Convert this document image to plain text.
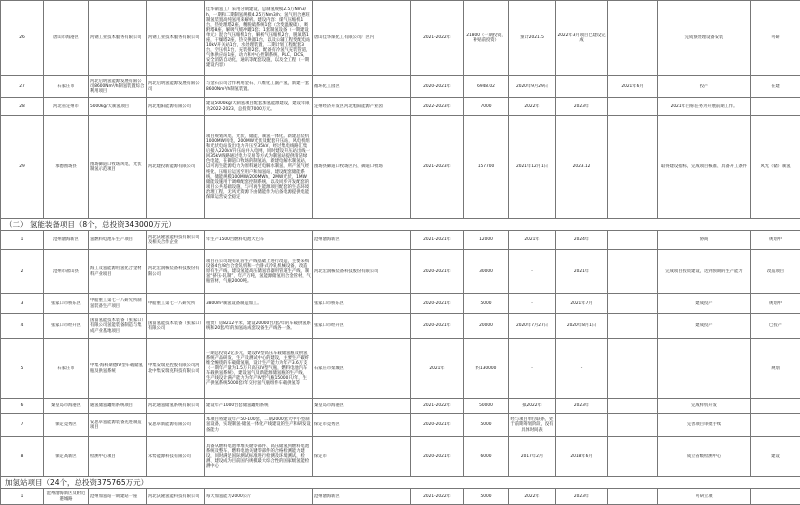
26	唐山市海港区	河钢工业技术服务有限公司	河钢工业技术服务有限公司	佳华制氢工厂采用分期建设，总制氢规模2.5万Nm3/h，一期和二期制氢规模4.25万Nm3/h；氢气用合惠旺制氢装置高纯氢用来解析。建设内容：煤气压缩机1台，热处理塔2座，精脱硫系统1套（含变温脱硫），吸附塔8座，解吸气缓冲罐1套；1套制氢设备（一期建设单元）混合气压缩机1台，解析气压缩机2台，脱氧塔1座，干燥塔2座，热交换器1台，以及公辅工程变配电站10kV开关站1台，水处理装置，二期计划工程配套3台，空压机1台，充装排2套，配备有冷氢气充装管道，气体供应站1座，动力和中心控制系统，PLC，DCS，安全消防自动化，通讯等配套设施，以及全工程（一期建设内容）	唐山佳华煤化工有限公司厂区内	2021-2022年	21800（一期投资，补贴前投资）	预计2021.5	2022年3月项目已建设完成		完成预处理设备安装	可研

27	石家庄市	河北启明氢能源发展有限公司8600Nm³/h制氢装置综合利用项目	河北启明氢能源发展有限公司	与金石公司合作利用金石、八维化工副产氢，新建一套8600Nm³/h制氢装置。	循环化工园区	2020-2021年	6948.02	2020年9月29日		2021年6月	投产	在建

28	河北省定州市	5000kg/天制氢项目	河北旭阳能源有限公司	建设5000kg/天制氢项目配套加氢能源建设，建设年限为2022-2023，总投资7000万元。	定州经济开发区河北旭阳能源产业园	2022-2023年	7000	2022年	2023年		2021年目标任务为开展前期工作。	

29	承德围场县	围场御道口牧场风电、光伏制氢示范项目	河北建投新能源有限公司	项目规划风电、光伏、储能、制氢一体化。新建总装机1000MW风电，200MW光伏及配套升压站，风电机组和光伏电站发出电力升压至35kV，经过集电线路汇集后接入220kV升压站并入电网，同时建设升压站出线一回35kV线路通过电力交易等方式为制氢站提供清洁绿色电能，在御道口牧场的制氢站，新建电解水制氢站，以可再生能源电力为原料通过电解水制氢，所产氢气经纯化，压缩后运送至用户和加氢站，建设配套储能系统，储能规模100MW/200MWh，2MW光伏，1MW储能设施用于调峰配套控制系统，以及同步开发配套的项目公共基础设施、与可再生能源项目配套的生态环境治理工程，无风光资源下由储能作为后备电源提供电能保障运营安全稳定	围场县御道口牧场区内、御道口牧场	2021-2023年	157700	2021年12月1日	2023.12		取得建设指标，完成项目核准、具备开工条件	风光（储）制氢

（二） 氢能装备项目（8个，总投资343000万元）												

1	沧州渤海新区	氢燃料电池车生产项目	河北沃隆氢能科技有限公司及相关合作企业	年生产1500台燃料电池大巴车	沧州渤海新区	2021-2021年	12000	2021年	2024年		协商	规划中

2	沧州市盐山县	海工及氢能源用氢化合金材料产业项目	河北宏润核装备科技股份有限公司	项目在公司现有轧管生产线基础上进行改造，主要采购设备4台/8台合金轧机和一台卧式冷轧机械设备，改造原有生产线，建设氢能高压储氢容器用管道生产线，制氢“挤压-轧制”，年产万吨，氢能源储氢用合金管材，气瓶管材，气瓶2000吨。	河北宏润核装备科技股份有限公司	2020-2021年	30000	-	2021年		完成项目投资建设，达到预期的生产能力	改造项目

3	张家口市桥东区	中船重工第七一八研究所制氢装备生产项目	中船重工第七一八研究所	3800m³制氢设备制造加工。	张家口市桥东区	2020-2021年	5000	-	2021年7月		建成投产	规划中

4	张家口市经开区	国富氢能技术装备（张家口）有限公司氢能装备制造与集成产业基地项目	国富氢能技术装备（张家口）有限公司	租赁厂房8212平米，建设20000台/套/年的车载供氢系统和20套/年的加氢站成套设备生产线各一条。	张家口市经开区	2020-2021年	20000	2020年7月27日	2020年8月1日		建成投产	已投产

5	石家庄市	中集·海科斯德IV型车载储氢瓶及供氢系统	中集安瑞克控股有限公司河北中集安瑞克科技有限公司	一期总投资2亿多元，建设IV型高压车载储氢瓶及供氢系统产品研发、生产及测试中心的建设，主要生产碳纤维全缠绕的车载储氢瓶，设计生产能力为年产3.6万支（一期年产量为1.5万只高压IV型气瓶，燃料电池汽车车载供氢系统），建设氢气及新能源储氢瓶的生产线，生产线设计满产能力为年产IV型气瓶15000只/年，生产供氢系统5000套/年交付氢气瓶组件车载供氢等	石家庄市栾城区	2021年	约130000	-	-			规划

6	秦皇岛市海港区	通氢储氢罐组系统项目	河北通氢储氢系统有限公司	建设年产1000台套储氢罐组系统	秦皇岛市海港区	2021-2022年	50000	拟2022年	2023年		完成样机开发	

7	保定竞秀区	安思卓氢能源装备先进制造项目	安思卓新能源有限公司	本项目将建设年产50-100套，二期2000套大中小型制氢设备，实现制氢-储氢一体化产线建设的生产和研发设备能力	保定市竞秀区	2020-2021年	5000	经与项目单位联系，处于前期筹划阶段，没有具体时间表			完善项目审批手续	

8	保定高新区	检测中心项目	未势能源科技有限公司	具备从燃料电池单堆关键零部件、高压储氢到燃料电池系统及整车，燃料电池关键零部件的合格检测能力建设，同时满足国际测试标准进行检测及环境测试，检测、建设成为目前国内规模最大综合性的国家级氢能检测中心	保定市	2020-2021年	6000	2017年2月	2018年6月		成立省级检测中心	建设

加氢站项目（24个，总投资375765万元）												

1	沧州渤海新区及附近港城路	沧州加氢站一期建站一座	河北沃隆氢能科技有限公司	每天加氢能力2000公斤	沧州渤海新区	2021-2022年	5000	2022年	2023年		可研立项	
